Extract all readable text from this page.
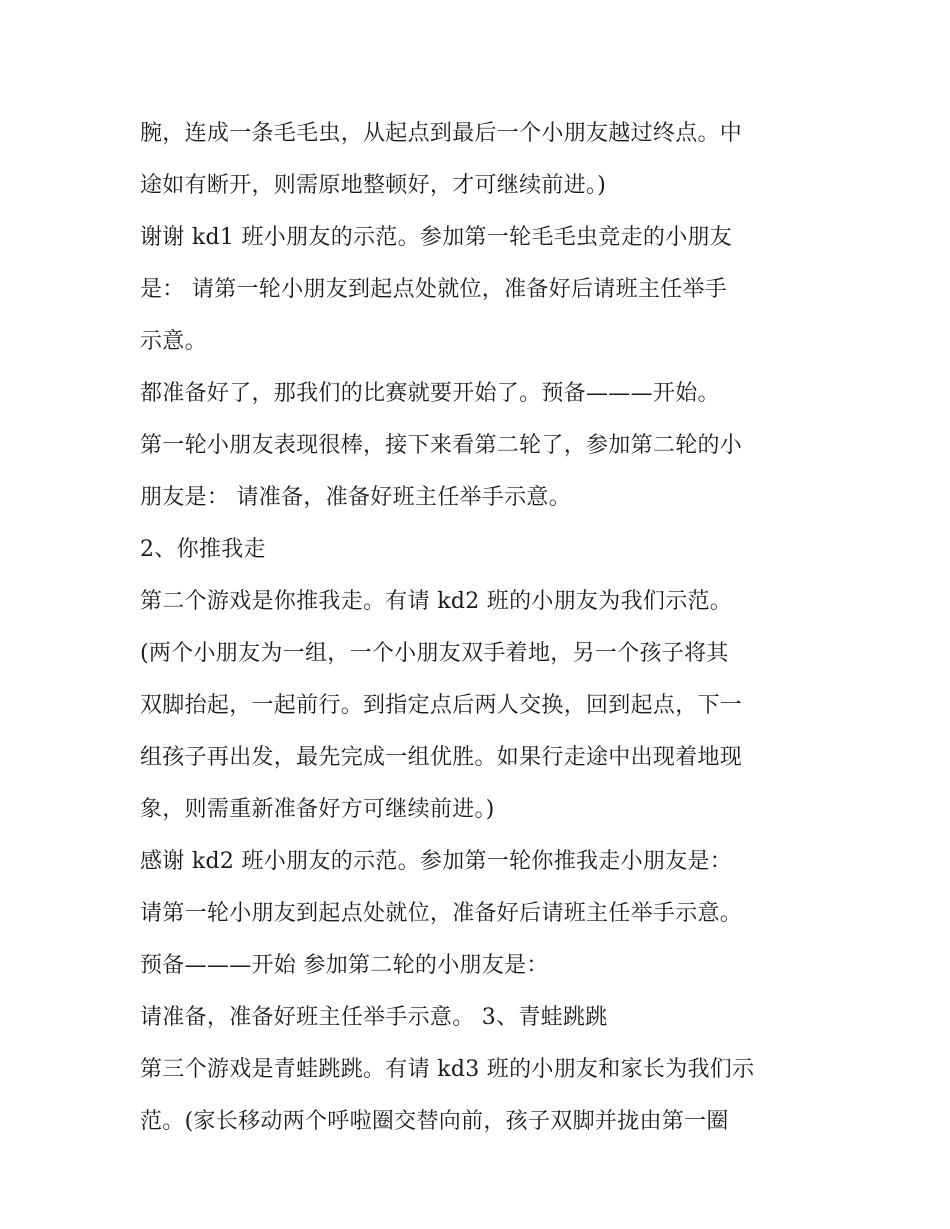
腕，连成一条毛毛虫，从起点到最后一个小朋友越过终点。中
途如有断开，则需原地整顿好，才可继续前进。)
谢谢 kd1 班小朋友的示范。参加第一轮毛毛虫竞走的小朋友
是： 请第一轮小朋友到起点处就位，准备好后请班主任举手
示意。
都准备好了，那我们的比赛就要开始了。预备———开始。
第一轮小朋友表现很棒，接下来看第二轮了，参加第二轮的小
朋友是： 请准备，准备好班主任举手示意。
2、你推我走
第二个游戏是你推我走。有请 kd2 班的小朋友为我们示范。
(两个小朋友为一组，一个小朋友双手着地，另一个孩子将其
双脚抬起，一起前行。到指定点后两人交换，回到起点，下一
组孩子再出发，最先完成一组优胜。如果行走途中出现着地现
象，则需重新准备好方可继续前进。)
感谢 kd2 班小朋友的示范。参加第一轮你推我走小朋友是：
请第一轮小朋友到起点处就位，准备好后请班主任举手示意。
预备———开始 参加第二轮的小朋友是：
请准备，准备好班主任举手示意。 3、青蛙跳跳
第三个游戏是青蛙跳跳。有请 kd3 班的小朋友和家长为我们示
范。(家长移动两个呼啦圈交替向前，孩子双脚并拢由第一圈
